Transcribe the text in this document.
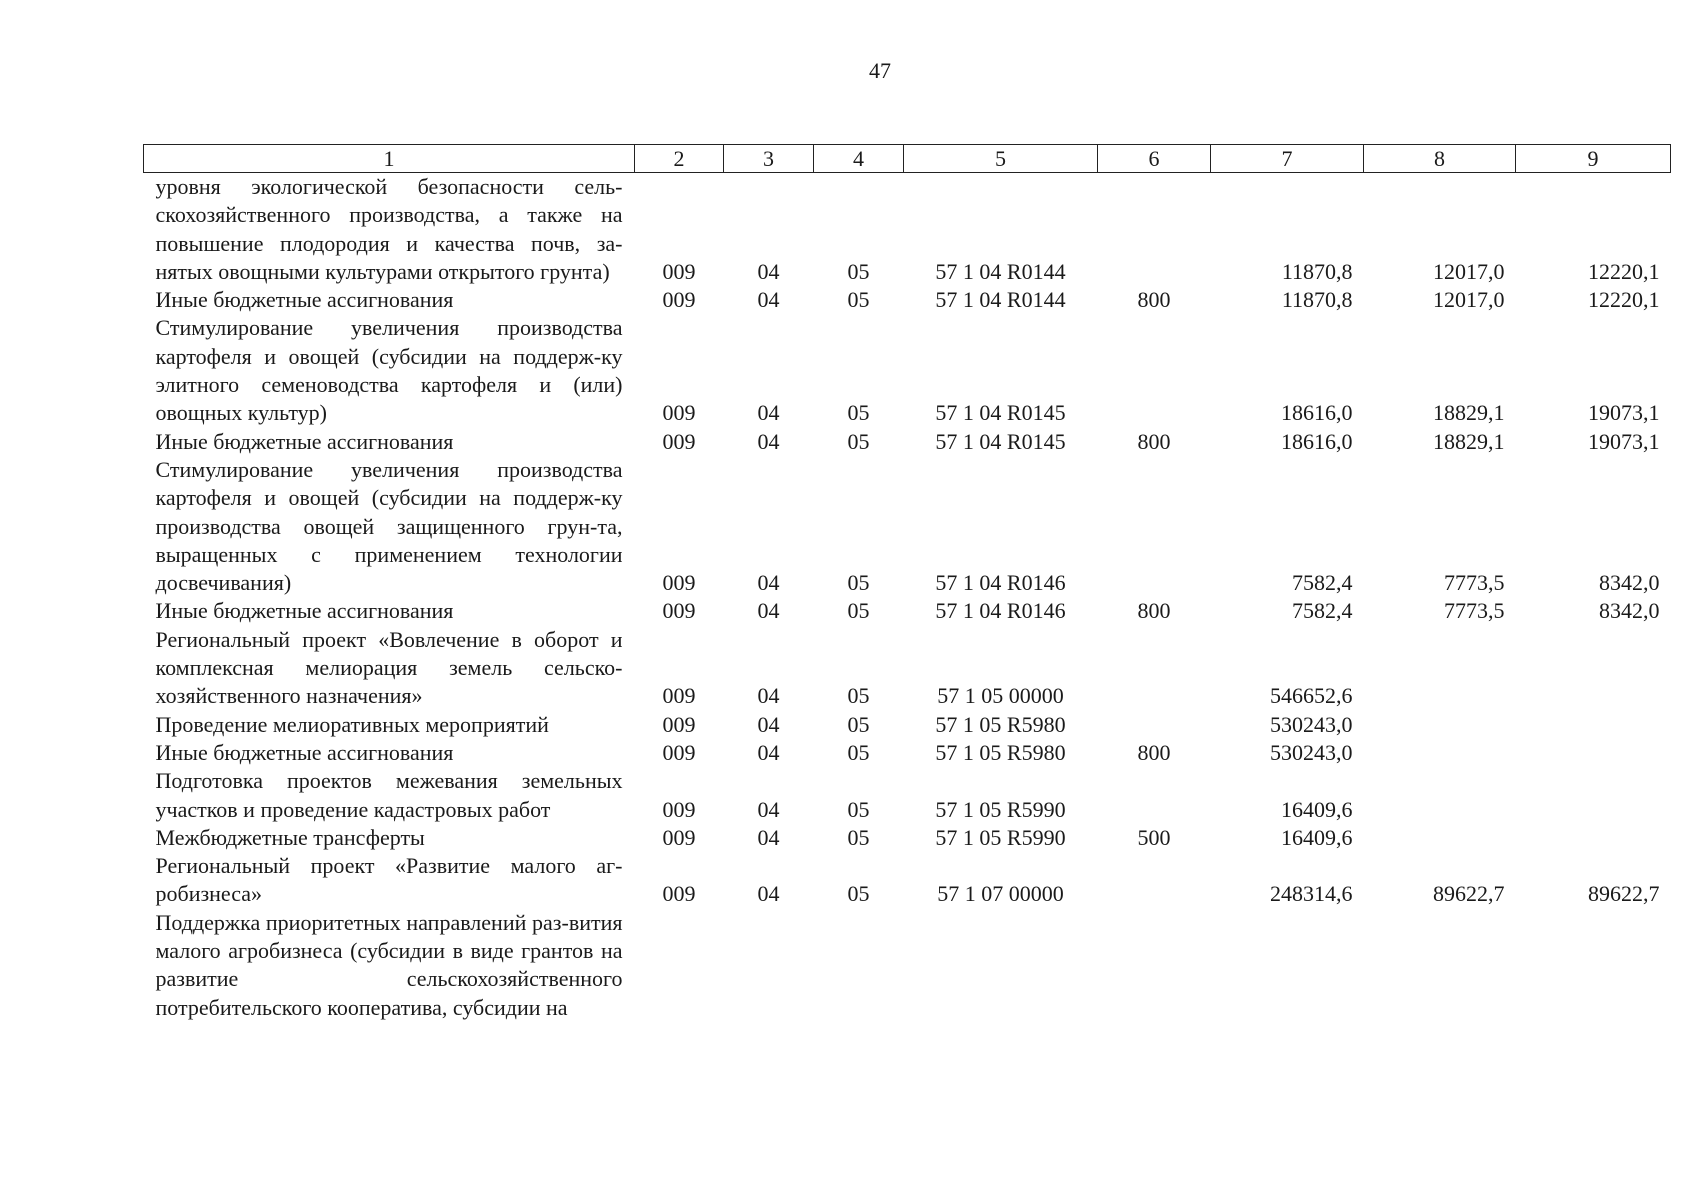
47
1	2	3	4	5	6	7	8	9
уровня экологической безопасности сель-скохозяйственного производства, а также на повышение плодородия и качества почв, за-нятых овощными культурами открытого грунта)	009	04	05	57 1 04 R0144		11870,8	12017,0	12220,1
Иные бюджетные ассигнования	009	04	05	57 1 04 R0144	800	11870,8	12017,0	12220,1
Стимулирование увеличения производства картофеля и овощей (субсидии на поддерж-ку элитного семеноводства картофеля и (или) овощных культур)	009	04	05	57 1 04 R0145		18616,0	18829,1	19073,1
Иные бюджетные ассигнования	009	04	05	57 1 04 R0145	800	18616,0	18829,1	19073,1
Стимулирование увеличения производства картофеля и овощей (субсидии на поддерж-ку производства овощей защищенного грун-та, выращенных с применением технологии досвечивания)	009	04	05	57 1 04 R0146		7582,4	7773,5	8342,0
Иные бюджетные ассигнования	009	04	05	57 1 04 R0146	800	7582,4	7773,5	8342,0
Региональный проект «Вовлечение в оборот и комплексная мелиорация земель сельско-хозяйственного назначения»	009	04	05	57 1 05 00000		546652,6		
Проведение мелиоративных мероприятий	009	04	05	57 1 05 R5980		530243,0		
Иные бюджетные ассигнования	009	04	05	57 1 05 R5980	800	530243,0		
Подготовка проектов межевания земельных участков и проведение кадастровых работ	009	04	05	57 1 05 R5990		16409,6		
Межбюджетные трансферты	009	04	05	57 1 05 R5990	500	16409,6		
Региональный проект «Развитие малого аг-робизнеса»	009	04	05	57 1 07 00000		248314,6	89622,7	89622,7
Поддержка приоритетных направлений раз-вития малого агробизнеса (субсидии в виде грантов на развитие сельскохозяйственного потребительского кооператива, субсидии на								
